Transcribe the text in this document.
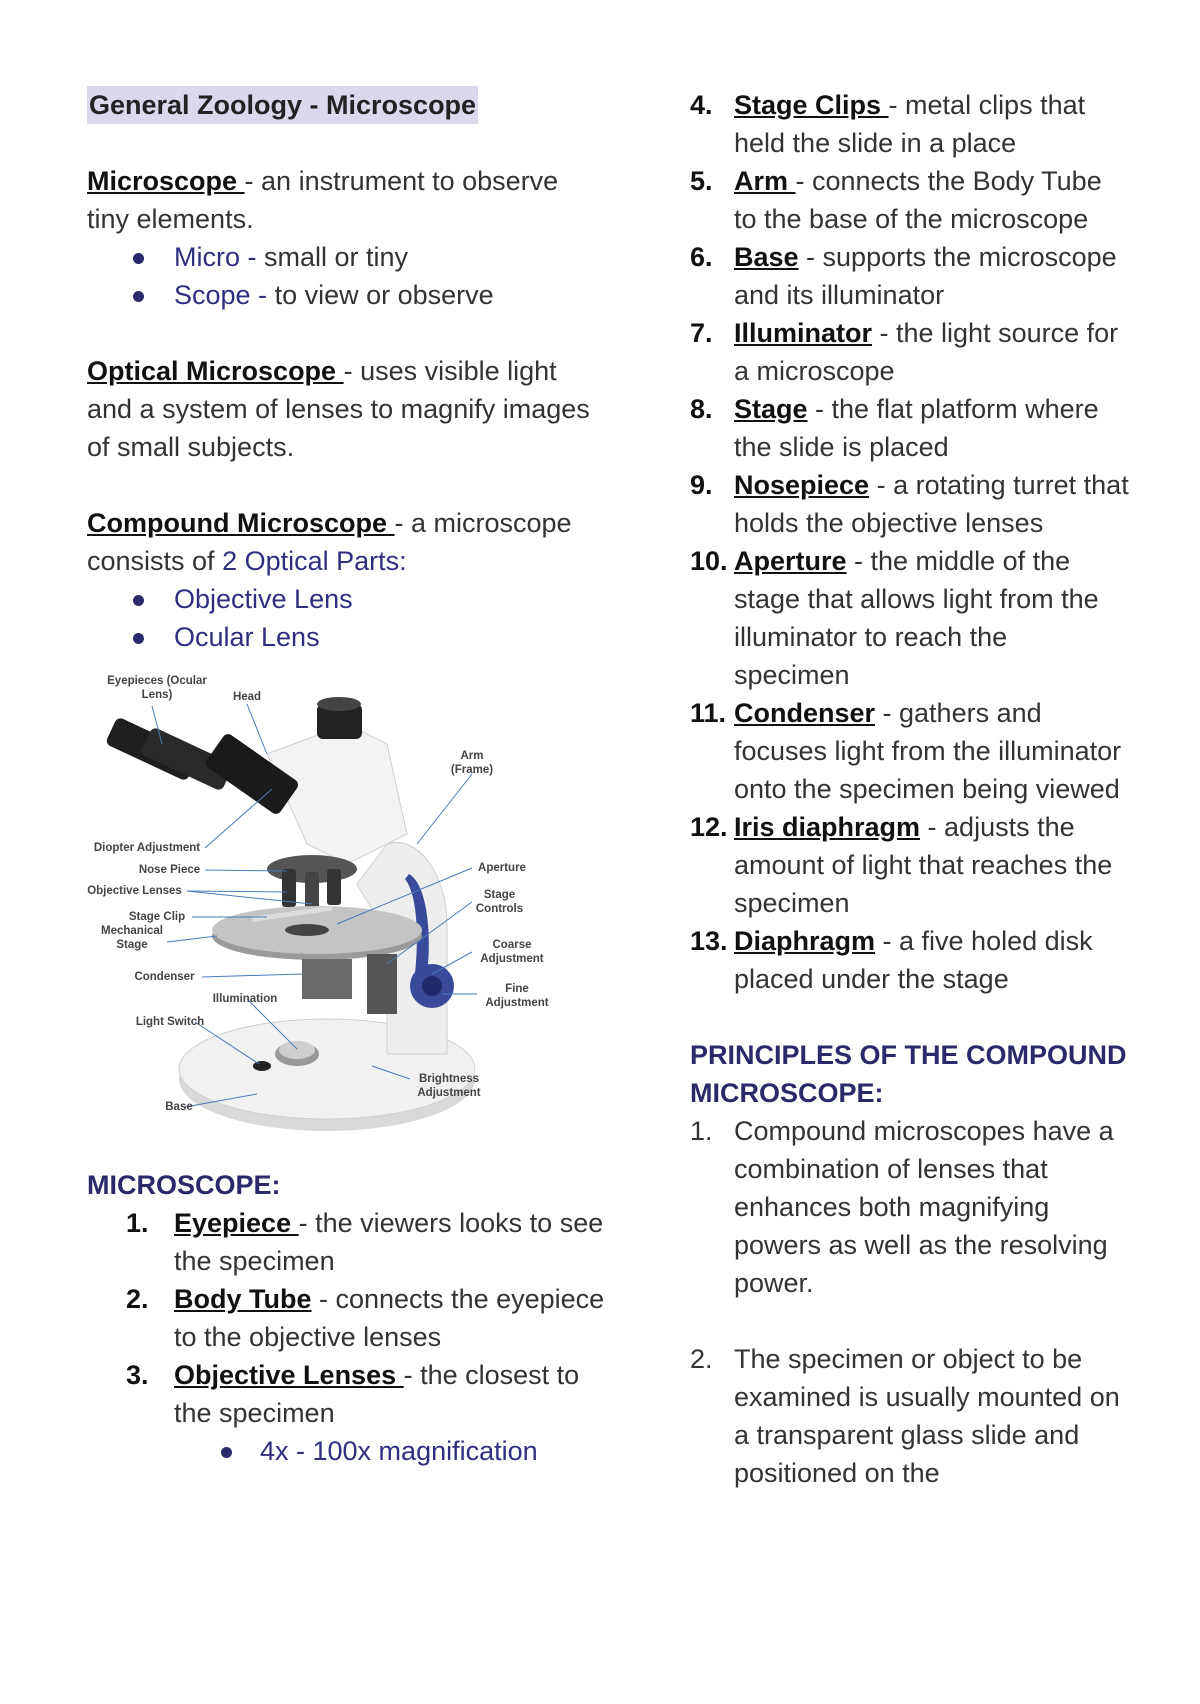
General Zoology - Microscope

Microscope - an instrument to observe tiny elements.

Micro - small or tiny

Scope - to view or observe

Optical Microscope - uses visible light and a system of lenses to magnify images of small subjects.

Compound Microscope - a microscope consists of 2 Optical Parts:

Objective Lens

Ocular Lens

Eyepieces (Ocular Lens)	Head
Arm (Frame)
Diopter Adjustment
Nose Piece
Objective Lenses
Stage Clip
Mechanical Stage
Condenser
Illumination
Light Switch
Base
Aperture
Stage Controls
Coarse Adjustment
Fine Adjustment
Brightness Adjustment

MICROSCOPE:

1. Eyepiece - the viewers looks to see the specimen

2. Body Tube - connects the eyepiece to the objective lenses

3. Objective Lenses - the closest to the specimen

4x - 100x magnification

4. Stage Clips - metal clips that held the slide in a place

5. Arm - connects the Body Tube to the base of the microscope

6. Base - supports the microscope and its illuminator

7. Illuminator - the light source for a microscope

8. Stage - the flat platform where the slide is placed

9. Nosepiece - a rotating turret that holds the objective lenses

10. Aperture - the middle of the stage that allows light from the illuminator to reach the specimen

11. Condenser - gathers and focuses light from the illuminator onto the specimen being viewed

12. Iris diaphragm - adjusts the amount of light that reaches the specimen

13. Diaphragm - a five holed disk placed under the stage

PRINCIPLES OF THE COMPOUND MICROSCOPE:

1. Compound microscopes have a combination of lenses that enhances both magnifying powers as well as the resolving power.

2. The specimen or object to be examined is usually mounted on a transparent glass slide and positioned on the
